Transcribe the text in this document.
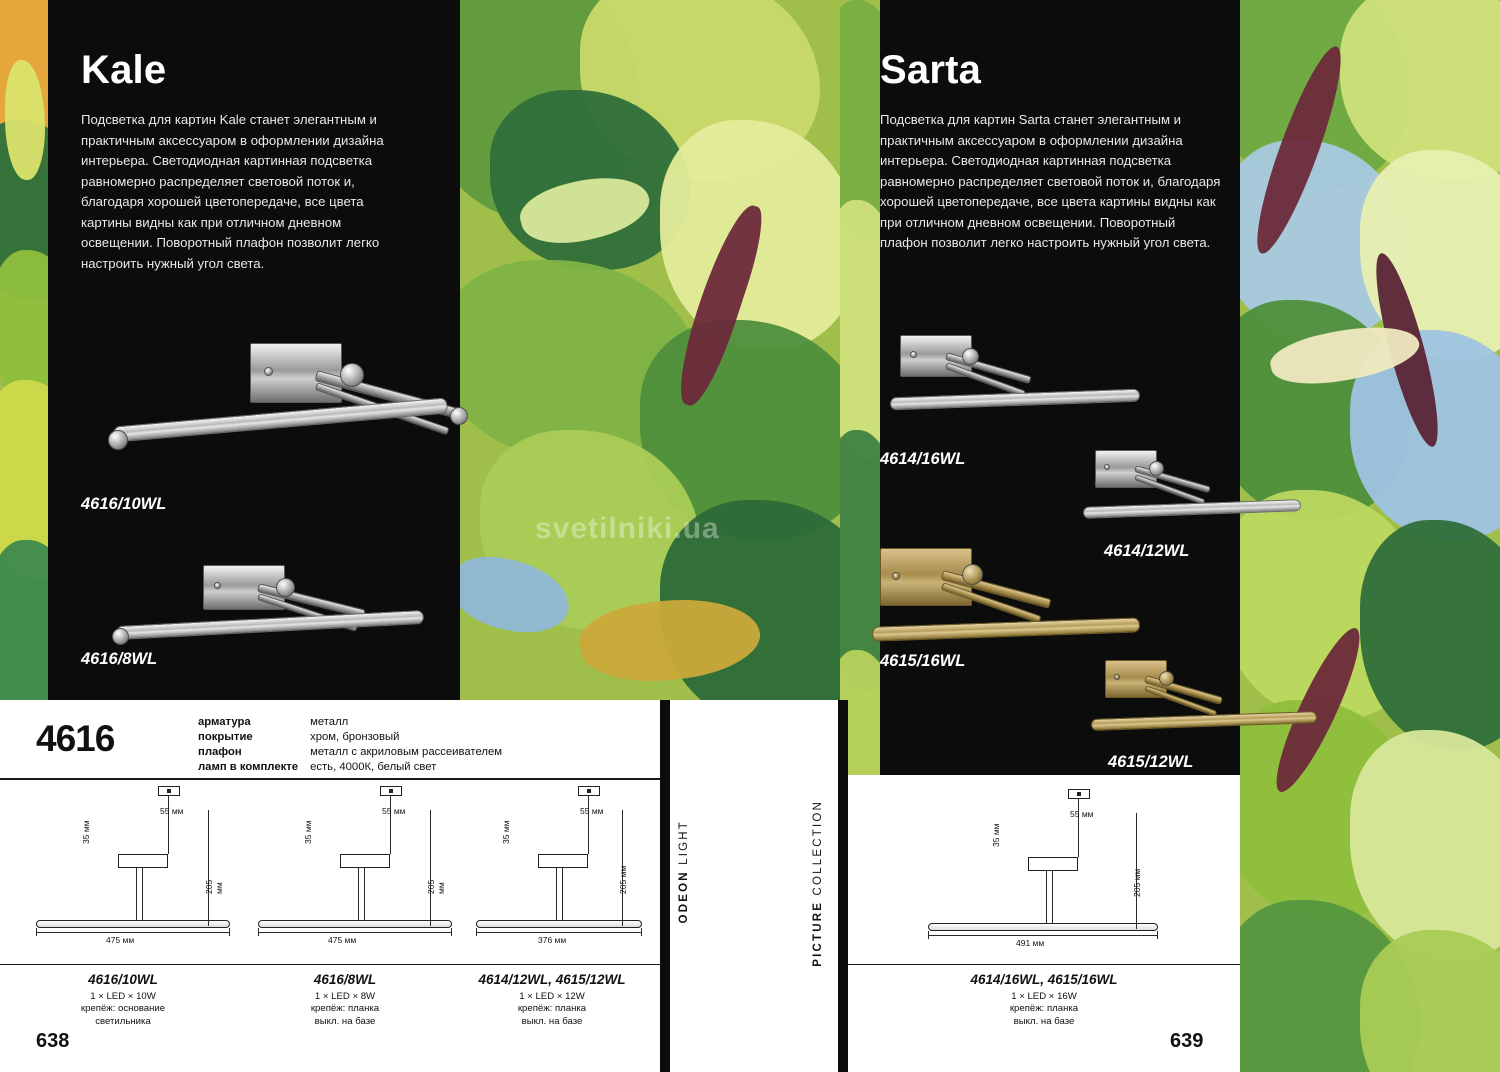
Kale

Подсветка для картин Kale станет элегантным и практичным аксессуаром в оформлении дизайна интерьера. Светодиодная картинная подсветка равномерно распределяет световой поток и, благодаря хорошей цветопередаче, все цвета картины видны как при отличном дневном освещении. Поворотный плафон позволит легко настроить нужный угол света.

4616/10WL
4616/8WL
Sarta

Подсветка для картин Sarta станет элегантным и практичным аксессуаром в оформлении дизайна интерьера. Светодиодная картинная подсветка равномерно распределяет световой поток и, благодаря хорошей цветопередаче, все цвета картины видны как при отличном дневном освещении. Поворотный плафон позволит легко настроить нужный угол света.

4614/16WL
4614/12WL
4615/16WL
4615/12WL
svetilniki.ua
4616	арматура	металл
покрытие	хром, бронзовый
плафон	металл с акриловым рассеивателем
ламп в комплекте	есть, 4000К, белый свет
475 мм
55 мм
35 мм
205 мм
475 мм
55 мм
35 мм
205 мм
376 мм
55 мм
35 мм
205 мм
4616/10WL
1 × LED × 10W
крепёж: основание
светильника
4616/8WL
1 × LED × 8W
крепёж: планка
выкл. на базе
4614/12WL, 4615/12WL
1 × LED × 12W
крепёж: планка
выкл. на базе
638
ODEON LIGHT
PICTURE COLLECTION
491 мм
55 мм
35 мм
205 мм
4614/16WL, 4615/16WL
1 × LED × 16W
крепёж: планка
выкл. на базе
639
